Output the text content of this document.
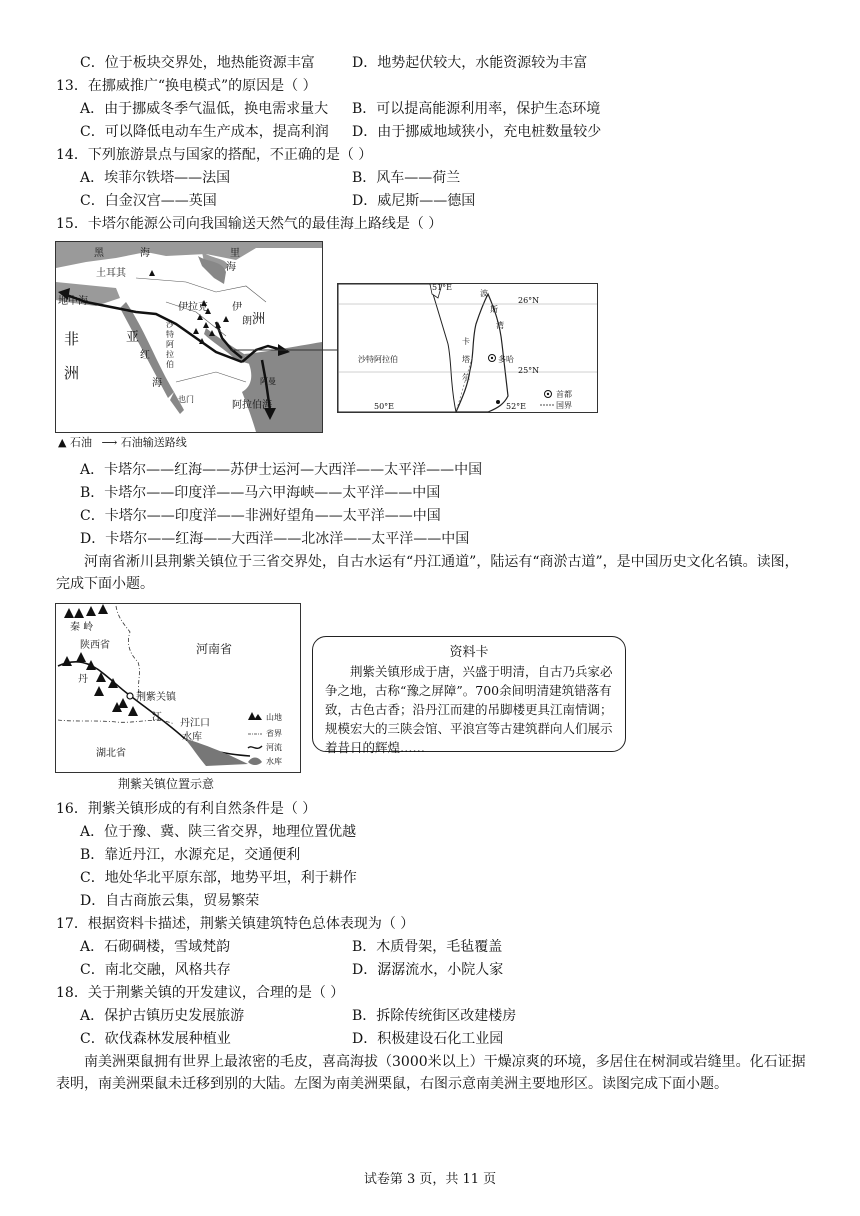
C．位于板块交界处，地热能资源丰富	D．地势起伏较大，水能资源较为丰富
13．在挪威推广“换电模式”的原因是（ ）
A．由于挪威冬季气温低，换电需求量大 B．可以提高能源利用率，保护生态环境
C．可以降低电动车生产成本，提高利润 D．由于挪威地域狭小，充电桩数量较少
14．下列旅游景点与国家的搭配，不正确的是（ ）
A．埃菲尔铁塔——法国	B．风车——荷兰
C．白金汉宫——英国	D．威尼斯——德国
15．卡塔尔能源公司向我国输送天然气的最佳海上路线是（ ）
黑	海	里
海
土耳其
地中海
非
洲
伊拉克 伊
朗 洲
亚
红
海
沙特阿拉伯
也门
阿曼
阿拉伯海
▲ 石油 ⟶ 石油输送路线
51°E
26°N
25°N
50°E	52°E
波
斯
湾
沙特阿拉伯
卡
塔
尔
多哈
首都
国界
A．卡塔尔——红海——苏伊士运河—大西洋——太平洋——中国
B．卡塔尔——印度洋——马六甲海峡——太平洋——中国
C．卡塔尔——印度洋——非洲好望角——太平洋——中国
D．卡塔尔——红海——大西洋——北冰洋——太平洋——中国
河南省淅川县荆紫关镇位于三省交界处，自古水运有“丹江通道”，陆运有“商淤古道”，是中国历史文化名镇。读图，完成下面小题。
秦 岭
陕西省	河南省
丹
江
荆紫关镇
丹江口
水库
湖北省
山地
省界
河流
水库
荆紫关镇位置示意
资料卡
荆紫关镇形成于唐，兴盛于明清，自古乃兵家必争之地，古称“豫之屏障”。700余间明清建筑错落有致，古色古香；沿丹江而建的吊脚楼更具江南情调；规模宏大的三陕会馆、平浪宫等古建筑群向人们展示着昔日的辉煌……
16．荆紫关镇形成的有利自然条件是（ ）
A．位于豫、冀、陕三省交界，地理位置优越
B．靠近丹江，水源充足，交通便利
C．地处华北平原东部，地势平坦，利于耕作
D．自古商旅云集，贸易繁荣
17．根据资料卡描述，荆紫关镇建筑特色总体表现为（ ）
A．石砌碉楼，雪域梵韵	B．木质骨架，毛毡覆盖
C．南北交融，风格共存	D．潺潺流水，小院人家
18．关于荆紫关镇的开发建议，合理的是（ ）
A．保护古镇历史发展旅游	B．拆除传统街区改建楼房
C．砍伐森林发展种植业	D．积极建设石化工业园
南美洲栗鼠拥有世界上最浓密的毛皮，喜高海拔（3000米以上）干燥凉爽的环境，多居住在树洞或岩缝里。化石证据表明，南美洲栗鼠未迁移到别的大陆。左图为南美洲栗鼠，右图示意南美洲主要地形区。读图完成下面小题。
试卷第 3 页，共 11 页
